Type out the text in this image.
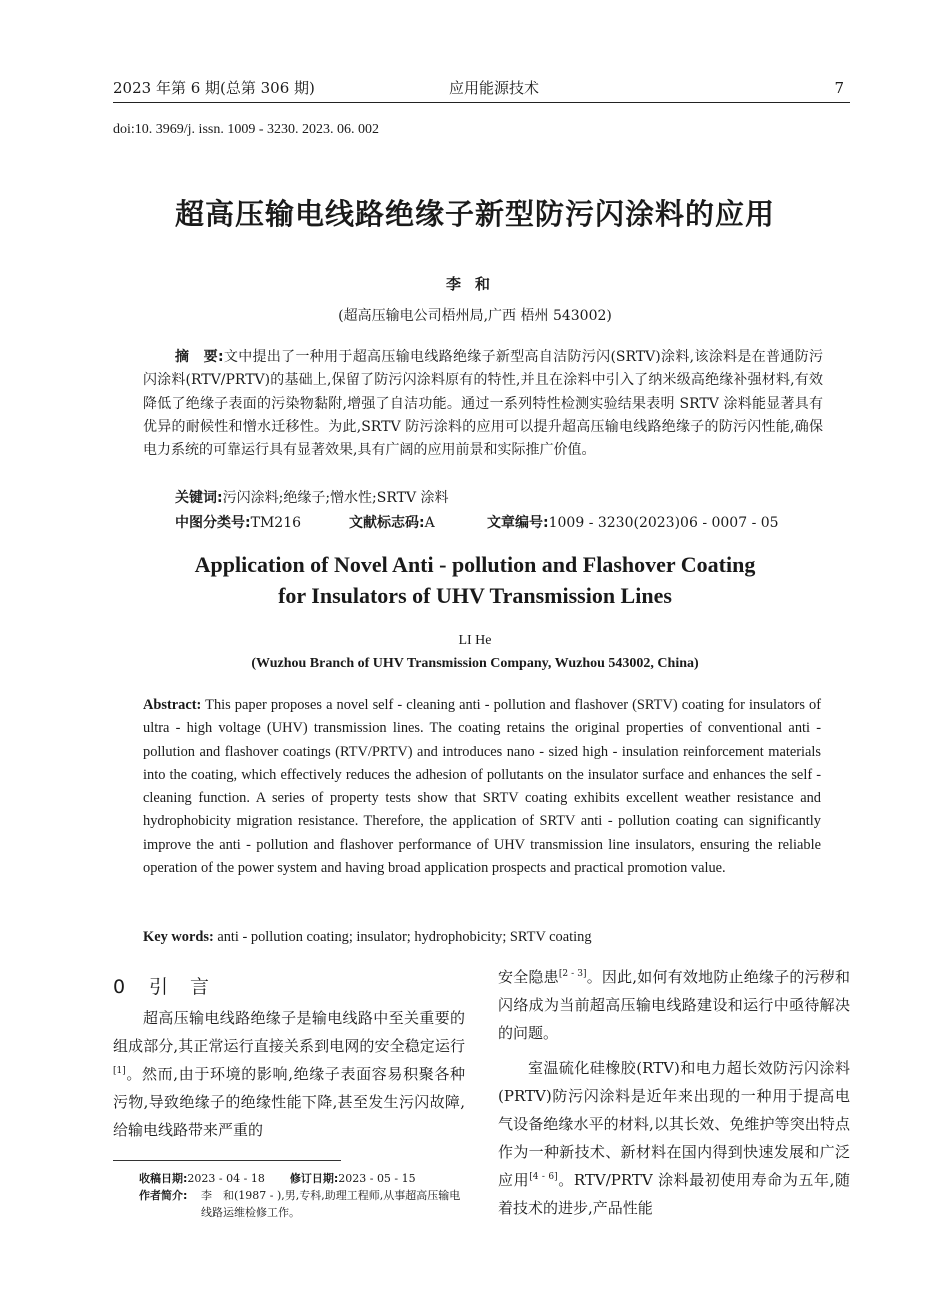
2023 年第 6 期(总第 306 期)	应用能源技术	7
doi:10. 3969/j. issn. 1009 - 3230. 2023. 06. 002
超高压输电线路绝缘子新型防污闪涂料的应用
李和
(超高压输电公司梧州局,广西 梧州 543002)
摘　要:文中提出了一种用于超高压输电线路绝缘子新型高自洁防污闪(SRTV)涂料,该涂料是在普通防污闪涂料(RTV/PRTV)的基础上,保留了防污闪涂料原有的特性,并且在涂料中引入了纳米级高绝缘补强材料,有效降低了绝缘子表面的污染物黏附,增强了自洁功能。通过一系列特性检测实验结果表明 SRTV 涂料能显著具有优异的耐候性和憎水迁移性。为此,SRTV 防污涂料的应用可以提升超高压输电线路绝缘子的防污闪性能,确保电力系统的可靠运行具有显著效果,具有广阔的应用前景和实际推广价值。
关键词:污闪涂料;绝缘子;憎水性;SRTV 涂料
中图分类号:TM216	文献标志码:A	文章编号:1009 - 3230(2023)06 - 0007 - 05
Application of Novel Anti - pollution and Flashover Coating
for Insulators of UHV Transmission Lines
LI He
(Wuzhou Branch of UHV Transmission Company, Wuzhou 543002, China)
Abstract: This paper proposes a novel self - cleaning anti - pollution and flashover (SRTV) coating for insulators of ultra - high voltage (UHV) transmission lines. The coating retains the original properties of conventional anti - pollution and flashover coatings (RTV/PRTV) and introduces nano - sized high - insulation reinforcement materials into the coating, which effectively reduces the adhesion of pollutants on the insulator surface and enhances the self - cleaning function. A series of property tests show that SRTV coating exhibits excellent weather resistance and hydrophobicity migration resistance. Therefore, the application of SRTV anti - pollution coating can significantly improve the anti - pollution and flashover performance of UHV transmission line insulators, ensuring the reliable operation of the power system and having broad application prospects and practical promotion value.
Key words: anti - pollution coating; insulator; hydrophobicity; SRTV coating
0 引言
超高压输电线路绝缘子是输电线路中至关重要的组成部分,其正常运行直接关系到电网的安全稳定运行[1]。然而,由于环境的影响,绝缘子表面容易积聚各种污物,导致绝缘子的绝缘性能下降,甚至发生污闪故障,给输电线路带来严重的
安全隐患[2 - 3]。因此,如何有效地防止绝缘子的污秽和闪络成为当前超高压输电线路建设和运行中亟待解决的问题。
室温硫化硅橡胶(RTV)和电力超长效防污闪涂料(PRTV)防污闪涂料是近年来出现的一种用于提高电气设备绝缘水平的材料,以其长效、免维护等突出特点作为一种新技术、新材料在国内得到快速发展和广泛应用[4 - 6]。RTV/PRTV 涂料最初使用寿命为五年,随着技术的进步,产品性能
收稿日期:2023 - 04 - 18 修订日期:2023 - 05 - 15
作者简介: 李　和(1987 - ),男,专科,助理工程师,从事超高压输电线路运维检修工作。
